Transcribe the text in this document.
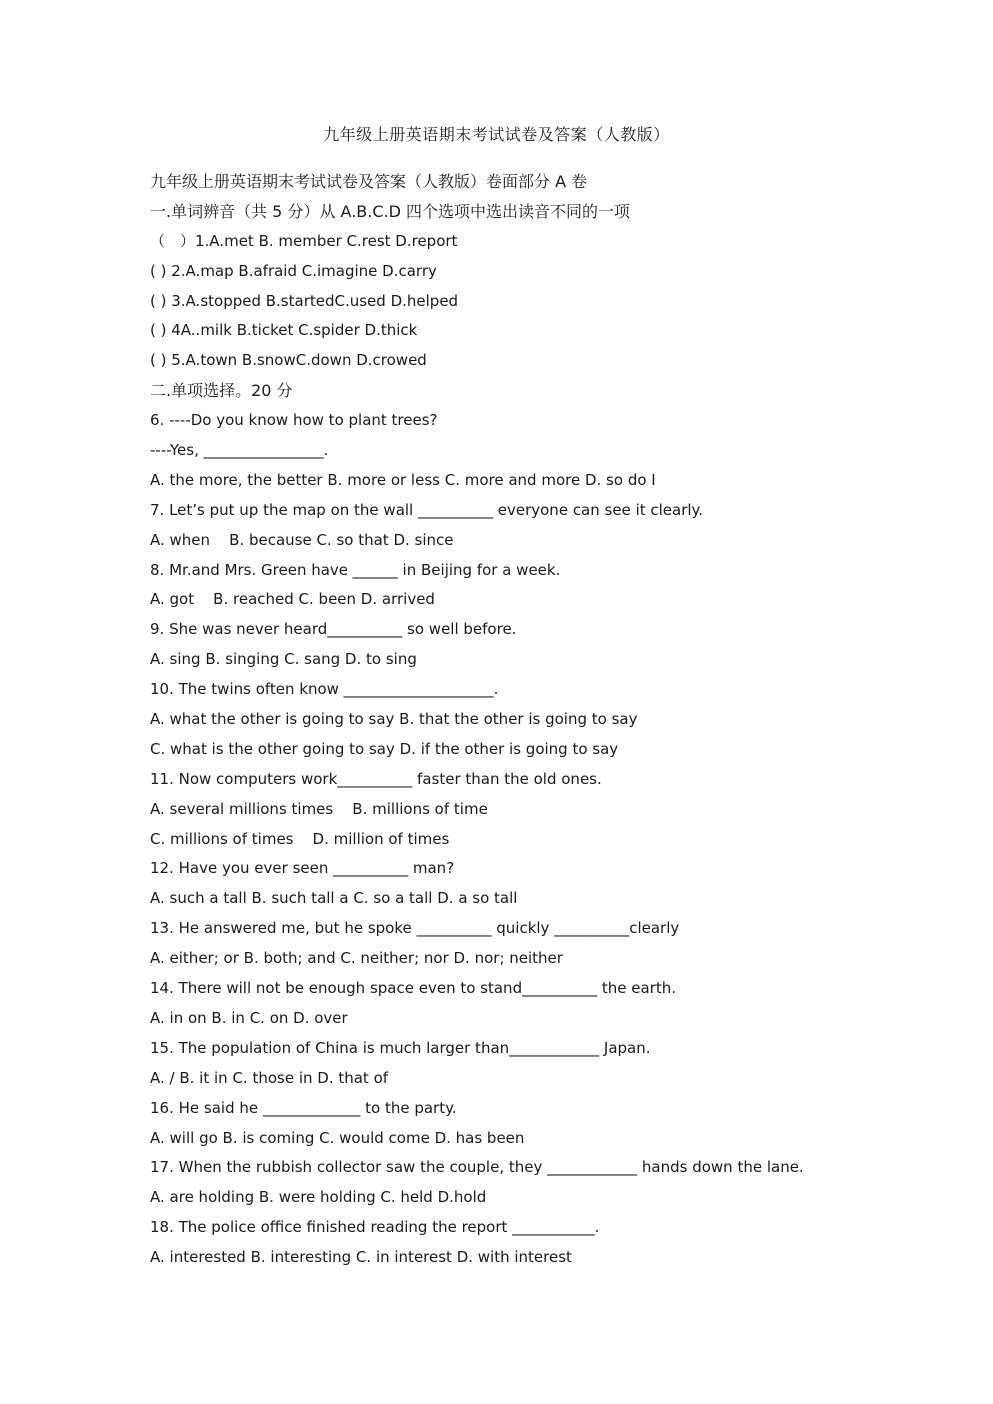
九年级上册英语期末考试试卷及答案（人教版）
九年级上册英语期末考试试卷及答案（人教版）卷面部分 A 卷
一.单词辨音（共 5 分）从 A.B.C.D 四个选项中选出读音不同的一项
（　）1.A.met B. member C.rest D.report
( ) 2.A.map B.afraid C.imagine D.carry
( ) 3.A.stopped B.startedC.used D.helped
( ) 4A..milk B.ticket C.spider D.thick
( ) 5.A.town B.snowC.down D.crowed
二.单项选择。20 分
6. ----Do you know how to plant trees?
----Yes, ________________.
A. the more, the better B. more or less C. more and more D. so do I
7. Let’s put up the map on the wall __________ everyone can see it clearly.
A. when    B. because C. so that D. since
8. Mr.and Mrs. Green have ______ in Beijing for a week.
A. got    B. reached C. been D. arrived
9. She was never heard__________ so well before.
A. sing B. singing C. sang D. to sing
10. The twins often know ____________________.
A. what the other is going to say B. that the other is going to say
C. what is the other going to say D. if the other is going to say
11. Now computers work__________ faster than the old ones.
A. several millions times    B. millions of time
C. millions of times    D. million of times
12. Have you ever seen __________ man?
A. such a tall B. such tall a C. so a tall D. a so tall
13. He answered me, but he spoke __________ quickly __________clearly
A. either; or B. both; and C. neither; nor D. nor; neither
14. There will not be enough space even to stand__________ the earth.
A. in on B. in C. on D. over
15. The population of China is much larger than____________ Japan.
A. / B. it in C. those in D. that of
16. He said he _____________ to the party.
A. will go B. is coming C. would come D. has been
17. When the rubbish collector saw the couple, they ____________ hands down the lane.
A. are holding B. were holding C. held D.hold
18. The police office finished reading the report ___________.
A. interested B. interesting C. in interest D. with interest
